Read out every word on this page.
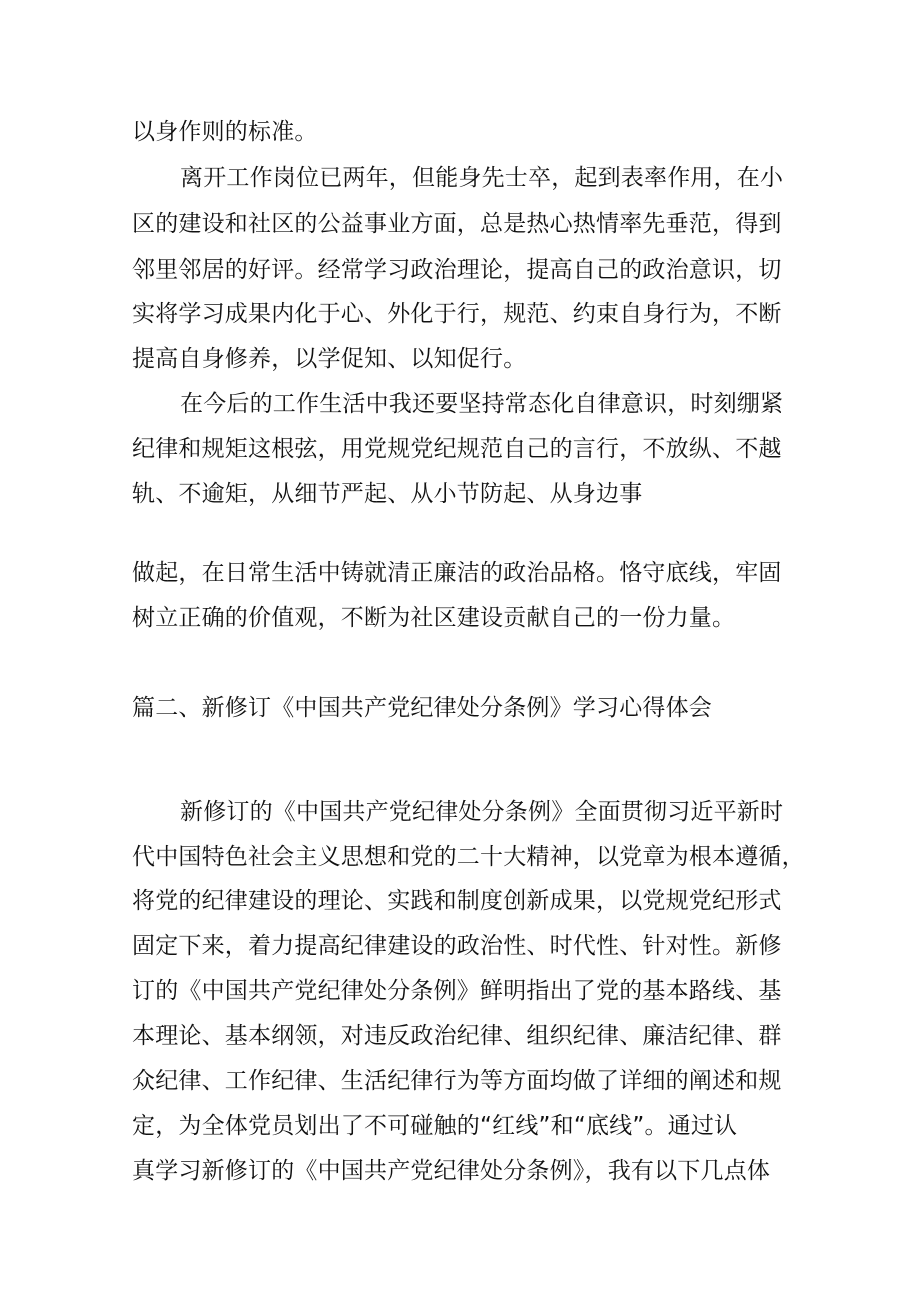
以身作则的标准。
离开工作岗位已两年，但能身先士卒，起到表率作用，在小
区的建设和社区的公益事业方面，总是热心热情率先垂范，得到
邻里邻居的好评。经常学习政治理论，提高自己的政治意识，切
实将学习成果内化于心、外化于行，规范、约束自身行为，不断
提高自身修养，以学促知、以知促行。
在今后的工作生活中我还要坚持常态化自律意识，时刻绷紧
纪律和规矩这根弦，用党规党纪规范自己的言行，不放纵、不越
轨、不逾矩，从细节严起、从小节防起、从身边事
做起，在日常生活中铸就清正廉洁的政治品格。恪守底线，牢固
树立正确的价值观，不断为社区建设贡献自己的一份力量。
篇二、新修订《中国共产党纪律处分条例》学习心得体会
新修订的《中国共产党纪律处分条例》全面贯彻习近平新时
代中国特色社会主义思想和党的二十大精神，以党章为根本遵循，
将党的纪律建设的理论、实践和制度创新成果，以党规党纪形式
固定下来，着力提高纪律建设的政治性、时代性、针对性。新修
订的《中国共产党纪律处分条例》鲜明指出了党的基本路线、基
本理论、基本纲领，对违反政治纪律、组织纪律、廉洁纪律、群
众纪律、工作纪律、生活纪律行为等方面均做了详细的阐述和规
定，为全体党员划出了不可碰触的“红线”和“底线”。通过认
真学习新修订的《中国共产党纪律处分条例》，我有以下几点体
